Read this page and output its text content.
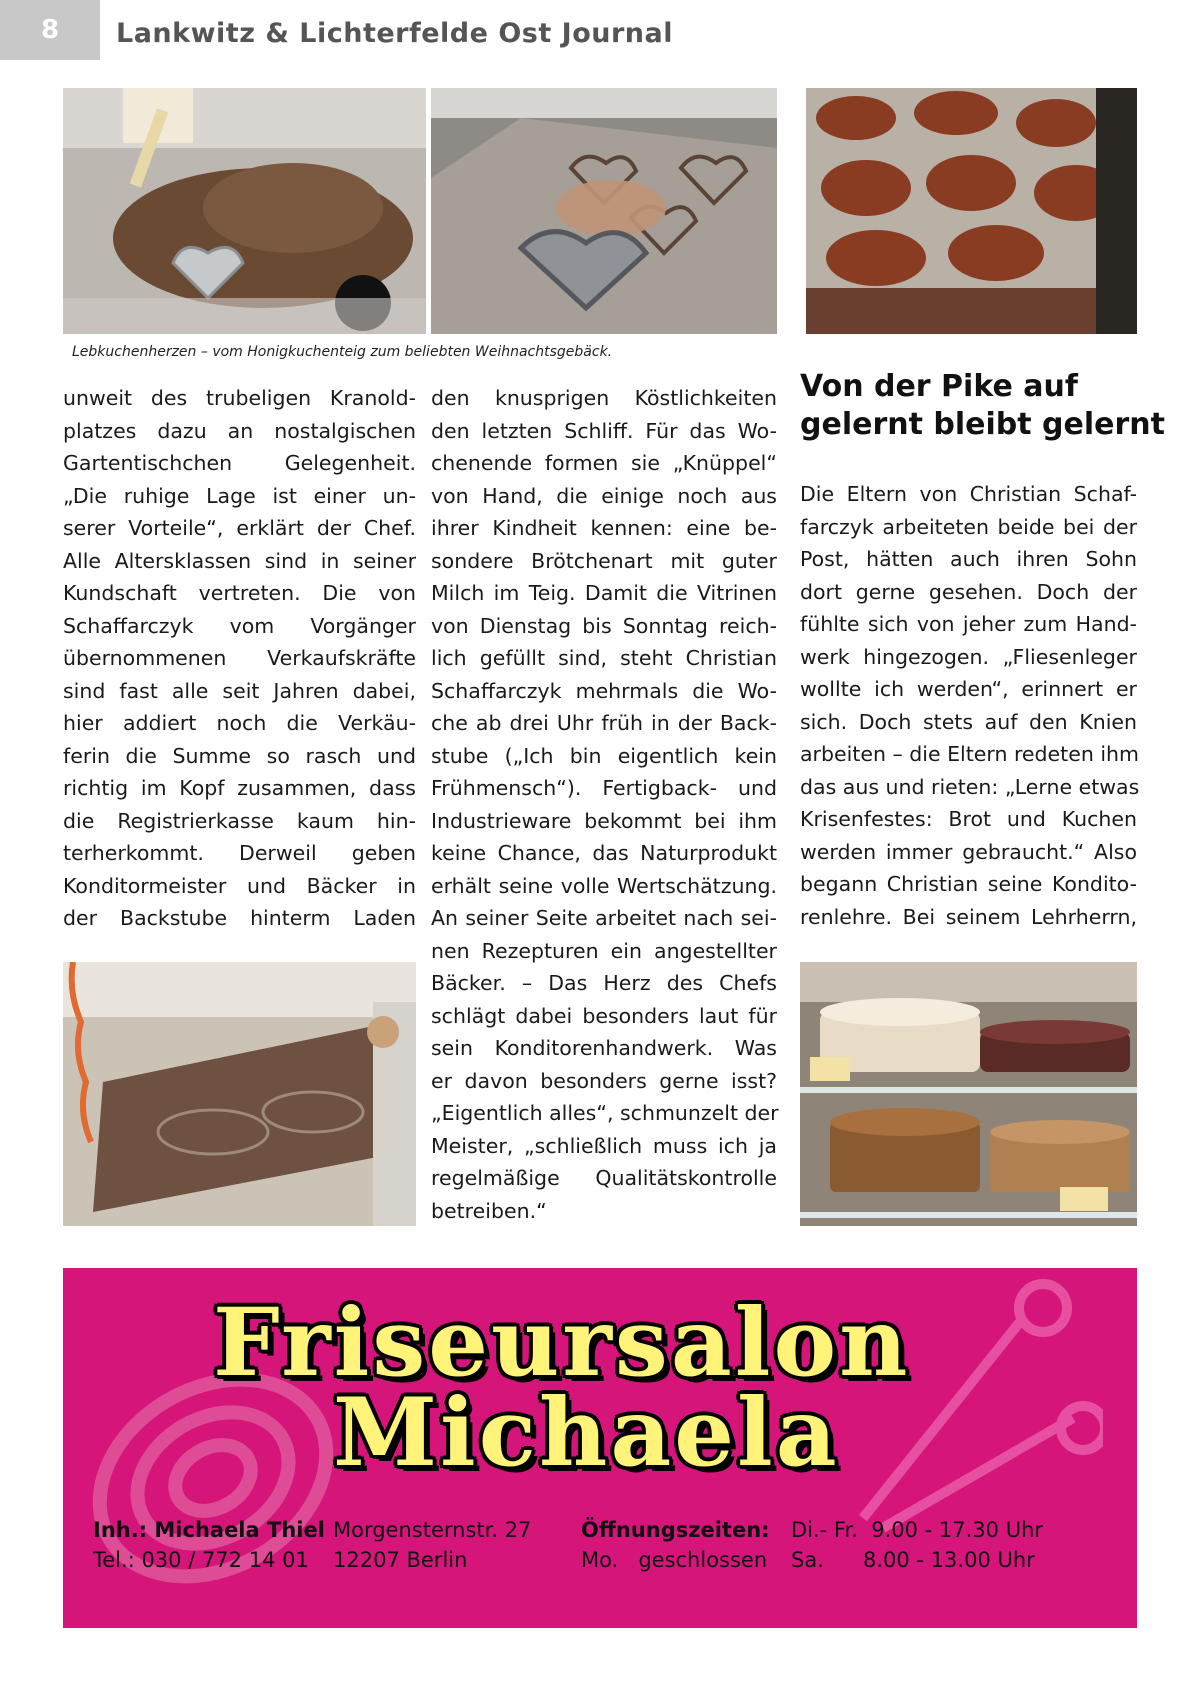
8	Lankwitz & Lichterfelde Ost Journal
Lebkuchenherzen – vom Honigkuchenteig zum beliebten Weihnachtsgebäck.
unweit des trubeligen Kranold-
platzes dazu an nostalgischen
Gartentischchen Gelegenheit.
„Die ruhige Lage ist einer un-
serer Vorteile“, erklärt der Chef.
Alle Altersklassen sind in seiner
Kundschaft vertreten. Die von
Schaffarczyk vom Vorgänger
übernommenen Verkaufskräfte
sind fast alle seit Jahren dabei,
hier addiert noch die Verkäu-
ferin die Summe so rasch und
richtig im Kopf zusammen, dass
die Registrierkasse kaum hin-
terherkommt. Derweil geben
Konditormeister und Bäcker in
der Backstube hinterm Laden
den knusprigen Köstlichkeiten
den letzten Schliff. Für das Wo-
chenende formen sie „Knüppel“
von Hand, die einige noch aus
ihrer Kindheit kennen: eine be-
sondere Brötchenart mit guter
Milch im Teig. Damit die Vitrinen
von Dienstag bis Sonntag reich-
lich gefüllt sind, steht Christian
Schaffarczyk mehrmals die Wo-
che ab drei Uhr früh in der Back-
stube („Ich bin eigentlich kein
Frühmensch“). Fertigback- und
Industrieware bekommt bei ihm
keine Chance, das Naturprodukt
erhält seine volle Wertschätzung.
An seiner Seite arbeitet nach sei-
nen Rezepturen ein angestellter
Bäcker. – Das Herz des Chefs
schlägt dabei besonders laut für
sein Konditorenhandwerk. Was
er davon besonders gerne isst?
„Eigentlich alles“, schmunzelt der
Meister, „schließlich muss ich ja
regelmäßige Qualitätskontrolle
betreiben.“
Von der Pike auf gelernt bleibt gelernt
Die Eltern von Christian Schaf-
farczyk arbeiteten beide bei der
Post, hätten auch ihren Sohn
dort gerne gesehen. Doch der
fühlte sich von jeher zum Hand-
werk hingezogen. „Fliesenleger
wollte ich werden“, erinnert er
sich. Doch stets auf den Knien
arbeiten – die Eltern redeten ihm
das aus und rieten: „Lerne etwas
Krisenfestes: Brot und Kuchen
werden immer gebraucht.“ Also
begann Christian seine Kondito-
renlehre. Bei seinem Lehrherrn,
Friseursalon
Michaela
Inh.: Michaela Thiel
Tel.: 030 / 772 14 01
Morgensternstr. 27
12207 Berlin
Öffnungszeiten:
Mo. geschlossen
Di.- Fr. 9.00 - 17.30 Uhr
Sa. 8.00 - 13.00 Uhr
